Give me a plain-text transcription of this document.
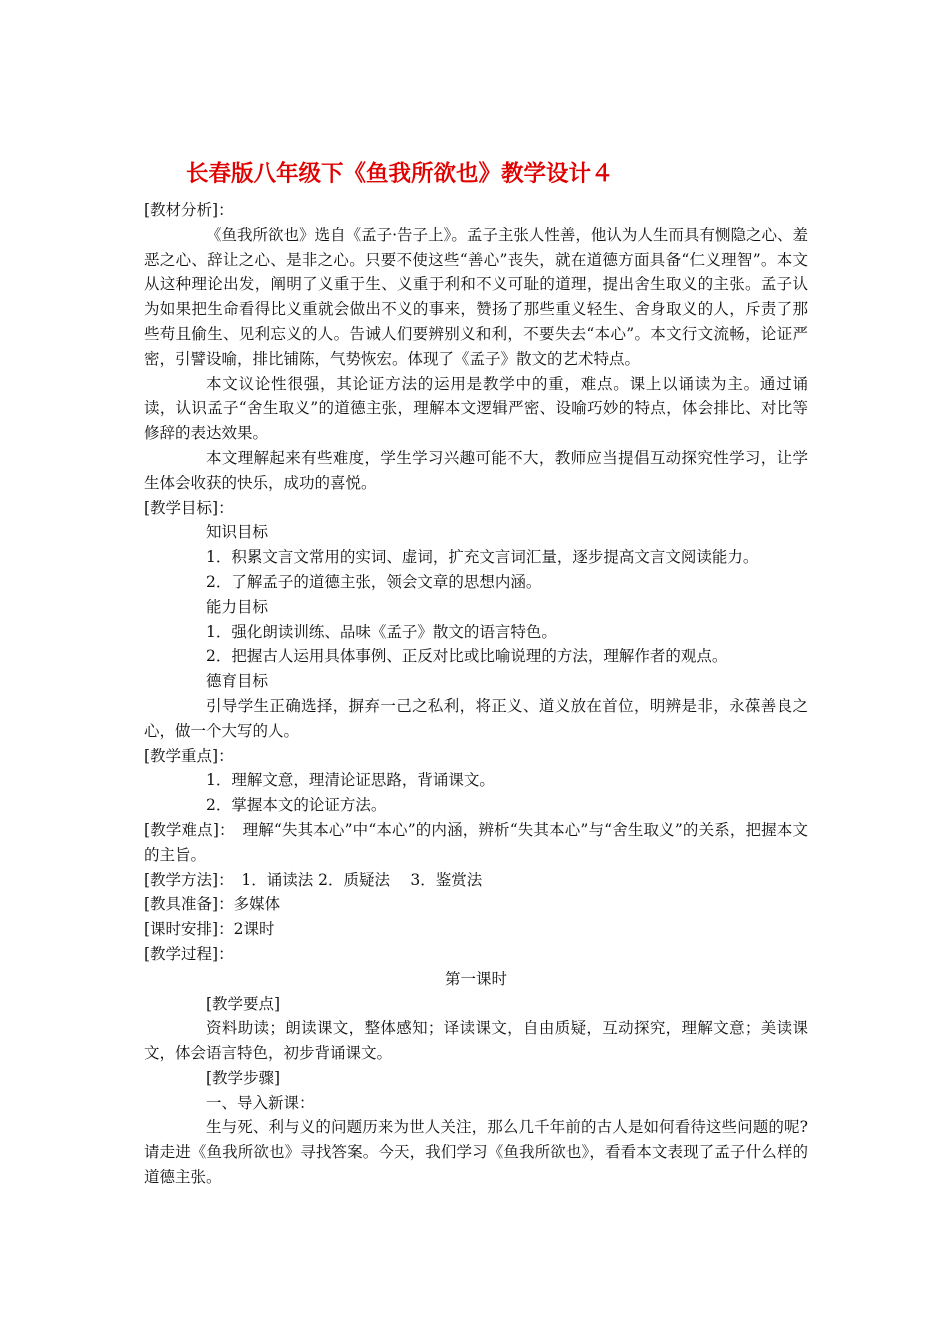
长春版八年级下《鱼我所欲也》教学设计４

[教材分析]：

《鱼我所欲也》选自《孟子·告子上》。孟子主张人性善，他认为人生而具有恻隐之心、羞恶之心、辞让之心、是非之心。只要不使这些“善心”丧失，就在道德方面具备“仁义理智”。本文从这种理论出发，阐明了义重于生、义重于利和不义可耻的道理，提出舍生取义的主张。孟子认为如果把生命看得比义重就会做出不义的事来，赞扬了那些重义轻生、舍身取义的人，斥责了那些苟且偷生、见利忘义的人。告诫人们要辨别义和利，不要失去“本心”。本文行文流畅，论证严密，引譬设喻，排比铺陈，气势恢宏。体现了《孟子》散文的艺术特点。

本文议论性很强，其论证方法的运用是教学中的重，难点。课上以诵读为主。通过诵读，认识孟子“舍生取义”的道德主张，理解本文逻辑严密、设喻巧妙的特点，体会排比、对比等修辞的表达效果。

本文理解起来有些难度，学生学习兴趣可能不大，教师应当提倡互动探究性学习，让学生体会收获的快乐，成功的喜悦。

[教学目标]：

知识目标

1．积累文言文常用的实词、虚词，扩充文言词汇量，逐步提高文言文阅读能力。

2．了解孟子的道德主张，领会文章的思想内涵。

能力目标

1．强化朗读训练、品味《孟子》散文的语言特色。

2．把握古人运用具体事例、正反对比或比喻说理的方法，理解作者的观点。

德育目标

引导学生正确选择，摒弃一己之私利，将正义、道义放在首位，明辨是非，永葆善良之心，做一个大写的人。

[教学重点]：

1．理解文意，理清论证思路，背诵课文。

2．掌握本文的论证方法。

[教学难点]：　理解“失其本心”中“本心”的内涵，辨析“失其本心”与“舍生取义”的关系，把握本文的主旨。

[教学方法]：　1．诵读法 2．质疑法　 3．鉴赏法

[教具准备]：多媒体

[课时安排]：2课时

[教学过程]：

第一课时

[教学要点]

资料助读；朗读课文，整体感知；译读课文，自由质疑，互动探究，理解文意；美读课文，体会语言特色，初步背诵课文。

[教学步骤]

一、导入新课：

生与死、利与义的问题历来为世人关注，那么几千年前的古人是如何看待这些问题的呢?请走进《鱼我所欲也》寻找答案。今天，我们学习《鱼我所欲也》，看看本文表现了孟子什么样的道德主张。
